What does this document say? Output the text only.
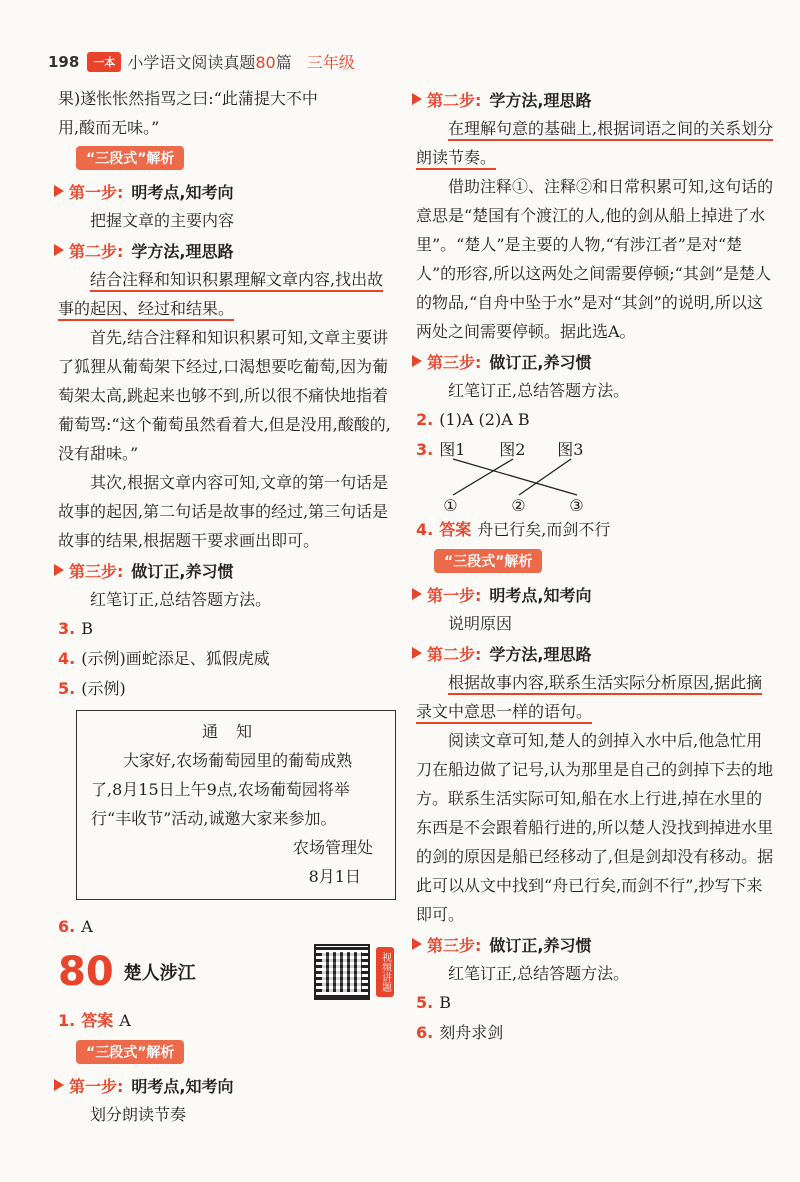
198	一本 小学语文阅读真题80篇 三年级
果)遂怅怅然指骂之曰:“此蒲提大不中
用,酸而无味。”
“三段式”解析
第一步: 明考点,知考向
把握文章的主要内容
第二步: 学方法,理思路
结合注释和知识积累理解文章内容,找出故事的起因、经过和结果。
首先,结合注释和知识积累可知,文章主要讲了狐狸从葡萄架下经过,口渴想要吃葡萄,因为葡萄架太高,跳起来也够不到,所以很不痛快地指着葡萄骂:“这个葡萄虽然看着大,但是没用,酸酸的,没有甜味。”
其次,根据文章内容可知,文章的第一句话是故事的起因,第二句话是故事的经过,第三句话是故事的结果,根据题干要求画出即可。
第三步: 做订正,养习惯
红笔订正,总结答题方法。
3. B
4. (示例)画蛇添足、狐假虎威
5. (示例)
通知
大家好,农场葡萄园里的葡萄成熟了,8月15日上午9点,农场葡萄园将举行“丰收节”活动,诚邀大家来参加。
农场管理处
8月1日
6. A
80 楚人涉江	视频讲题
1. 答案 A
“三段式”解析
第一步: 明考点,知考向
划分朗读节奏
第二步: 学方法,理思路
在理解句意的基础上,根据词语之间的关系划分朗读节奏。
借助注释①、注释②和日常积累可知,这句话的意思是“楚国有个渡江的人,他的剑从船上掉进了水里”。“楚人”是主要的人物,“有涉江者”是对“楚人”的形容,所以这两处之间需要停顿;“其剑”是楚人的物品,“自舟中坠于水”是对“其剑”的说明,所以这两处之间需要停顿。据此选A。
第三步: 做订正,养习惯
红笔订正,总结答题方法。
2. (1)A (2)A B
3. 图1 图2 图3
①	②	③
4. 答案 舟已行矣,而剑不行
“三段式”解析
第一步: 明考点,知考向
说明原因
第二步: 学方法,理思路
根据故事内容,联系生活实际分析原因,据此摘录文中意思一样的语句。
阅读文章可知,楚人的剑掉入水中后,他急忙用刀在船边做了记号,认为那里是自己的剑掉下去的地方。联系生活实际可知,船在水上行进,掉在水里的东西是不会跟着船行进的,所以楚人没找到掉进水里的剑的原因是船已经移动了,但是剑却没有移动。据此可以从文中找到“舟已行矣,而剑不行”,抄写下来即可。
第三步: 做订正,养习惯
红笔订正,总结答题方法。
5. B
6. 刻舟求剑
